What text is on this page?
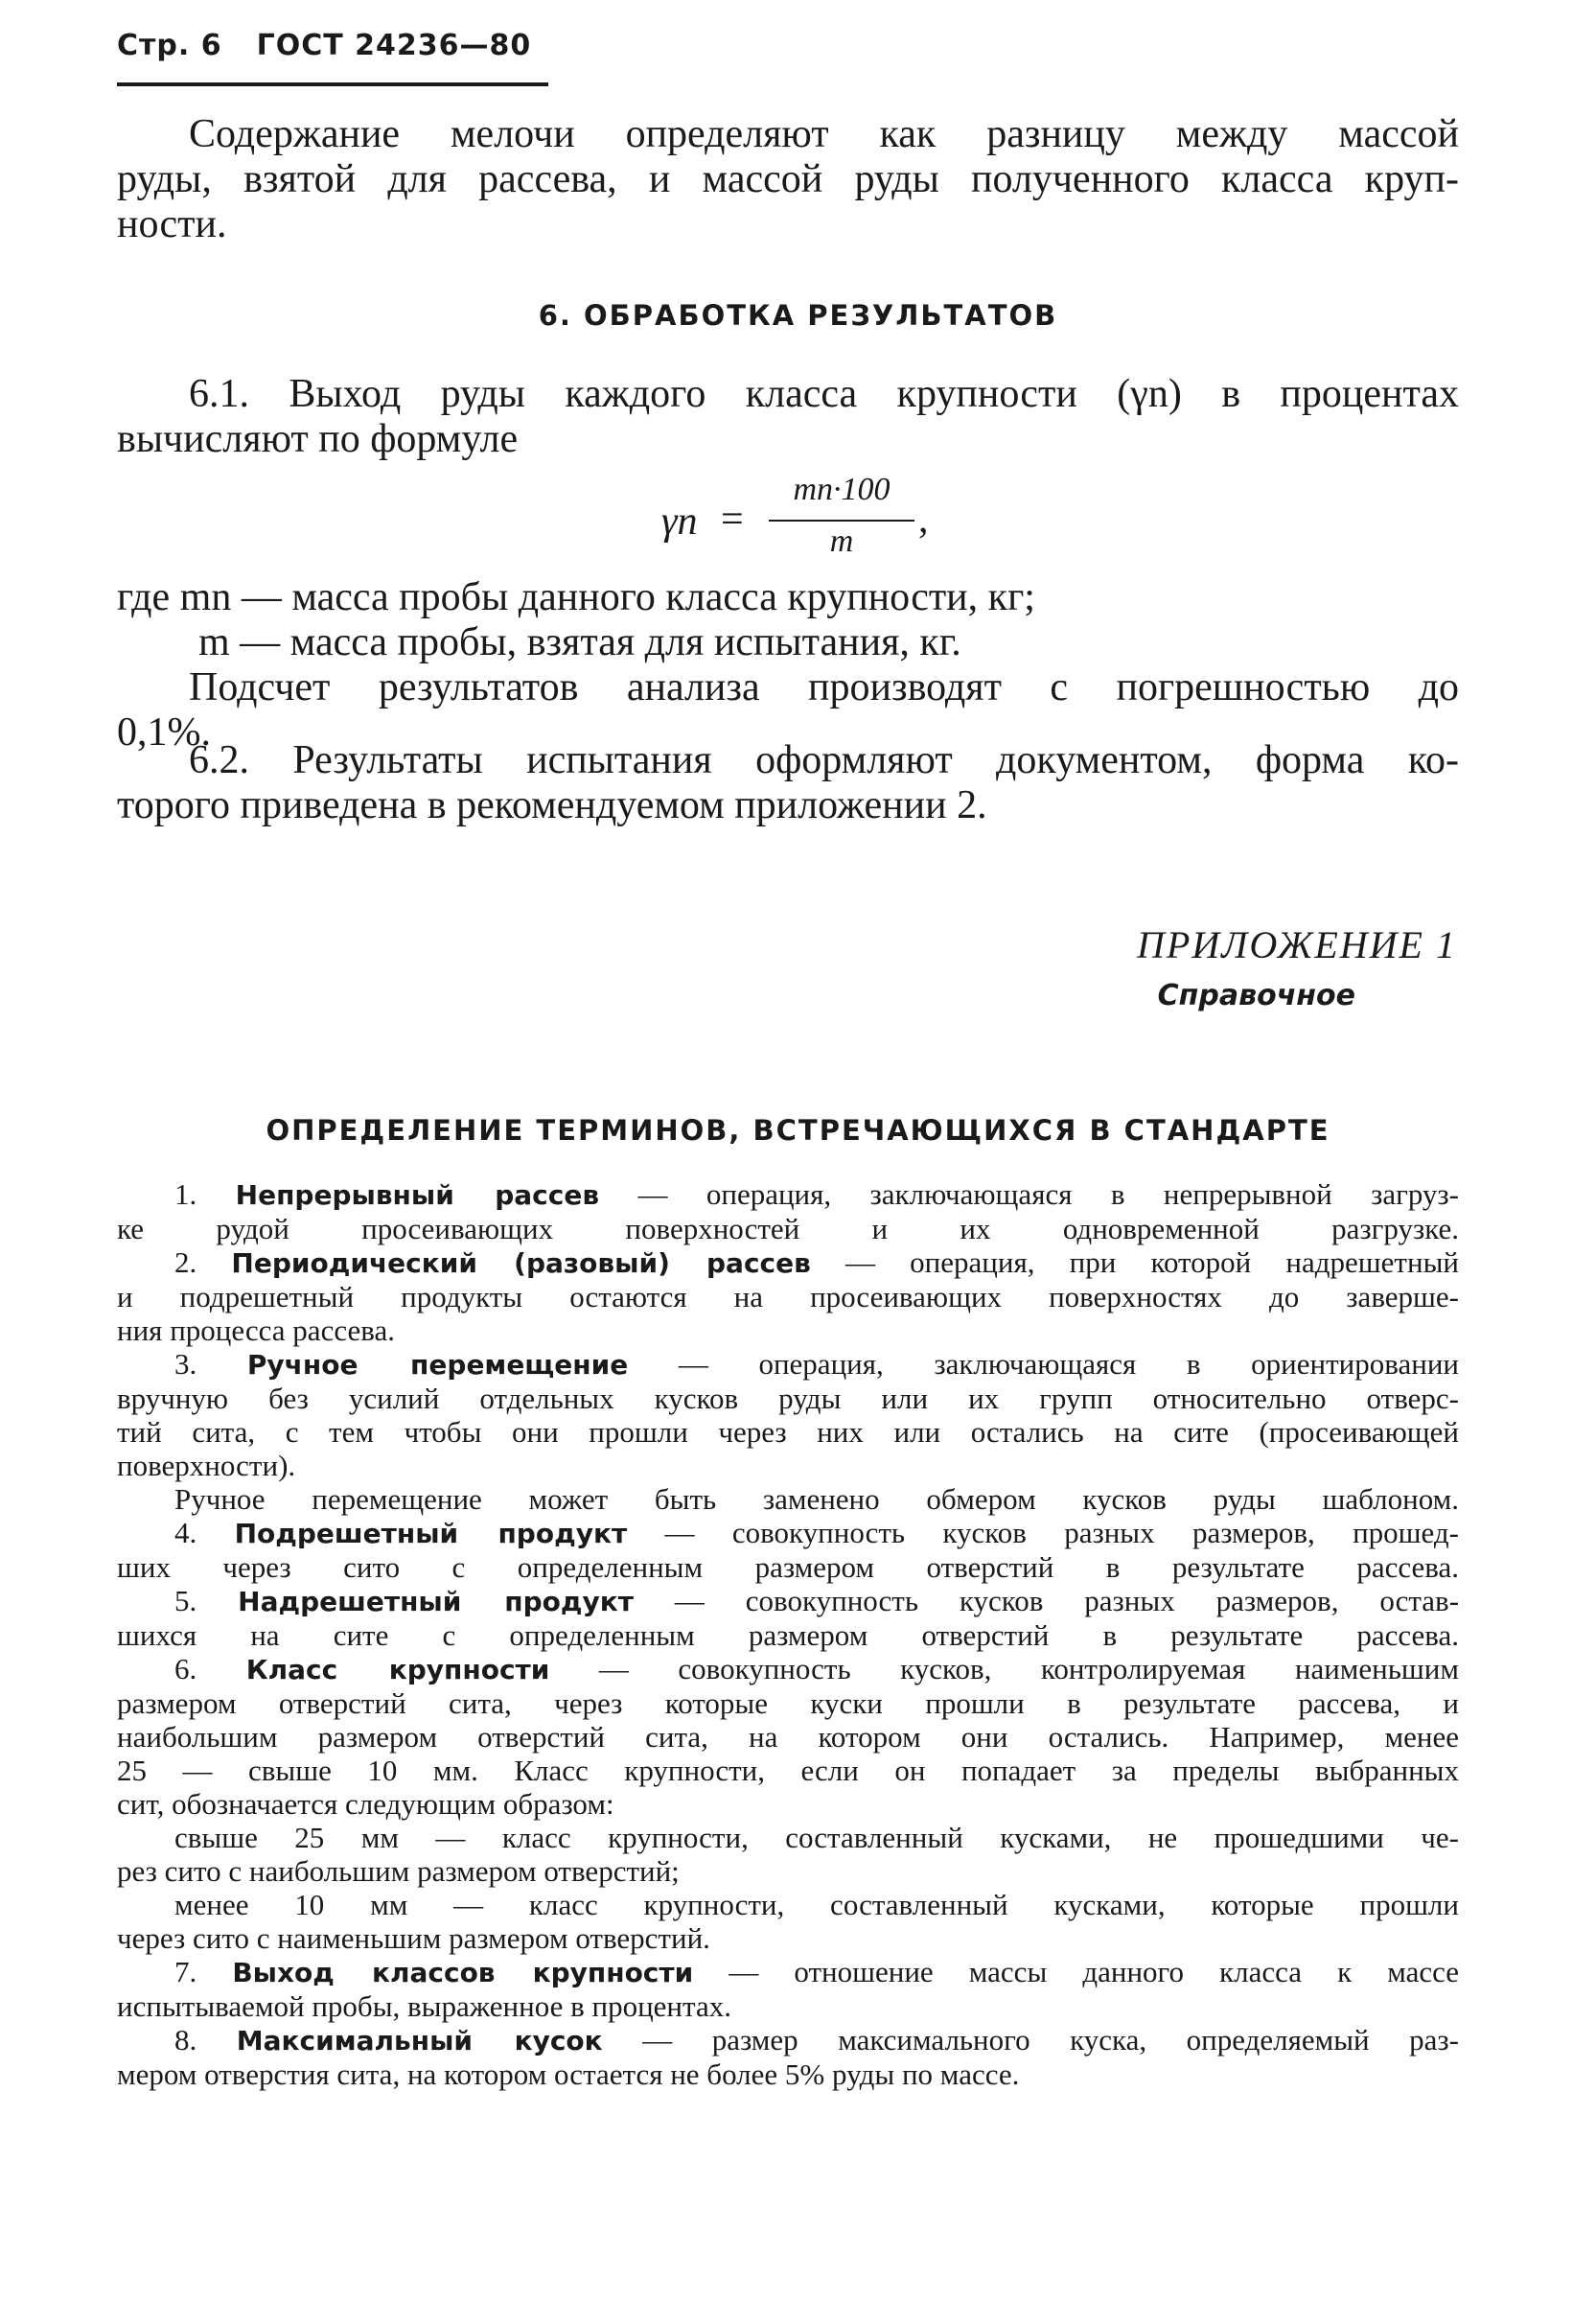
Стр. 6 ГОСТ 24236—80
Содержание мелочи определяют как разницу между массой
руды, взятой для рассева, и массой руды полученного класса круп-
ности.
6. ОБРАБОТКА РЕЗУЛЬТАТОВ
6.1. Выход руды каждого класса крупности (γn) в процентах
вычисляют по формуле
γn =
mn·100
m	,
где mn — масса пробы данного класса крупности, кг;
m — масса пробы, взятая для испытания, кг.
Подсчет результатов анализа производят с погрешностью до
0,1%.
6.2. Результаты испытания оформляют документом, форма ко-
торого приведена в рекомендуемом приложении 2.
ПРИЛОЖЕНИЕ 1
Справочное
ОПРЕДЕЛЕНИЕ ТЕРМИНОВ, ВСТРЕЧАЮЩИХСЯ В СТАНДАРТЕ
1. Непрерывный рассев — операция, заключающаяся в непрерывной загруз-
ке рудой просеивающих поверхностей и их одновременной разгрузке.
2. Периодический (разовый) рассев — операция, при которой надрешетный
и подрешетный продукты остаются на просеивающих поверхностях до заверше-
ния процесса рассева.
3. Ручное перемещение — операция, заключающаяся в ориентировании
вручную без усилий отдельных кусков руды или их групп относительно отверс-
тий сита, с тем чтобы они прошли через них или остались на сите (просеивающей
поверхности).
Ручное перемещение может быть заменено обмером кусков руды шаблоном.
4. Подрешетный продукт — совокупность кусков разных размеров, прошед-
ших через сито с определенным размером отверстий в результате рассева.
5. Надрешетный продукт — совокупность кусков разных размеров, остав-
шихся на сите с определенным размером отверстий в результате рассева.
6. Класс крупности — совокупность кусков, контролируемая наименьшим
размером отверстий сита, через которые куски прошли в результате рассева, и
наибольшим размером отверстий сита, на котором они остались. Например, менее
25 — свыше 10 мм. Класс крупности, если он попадает за пределы выбранных
сит, обозначается следующим образом:
свыше 25 мм — класс крупности, составленный кусками, не прошедшими че-
рез сито с наибольшим размером отверстий;
менее 10 мм — класс крупности, составленный кусками, которые прошли
через сито с наименьшим размером отверстий.
7. Выход классов крупности — отношение массы данного класса к массе
испытываемой пробы, выраженное в процентах.
8. Максимальный кусок — размер максимального куска, определяемый раз-
мером отверстия сита, на котором остается не более 5% руды по массе.
